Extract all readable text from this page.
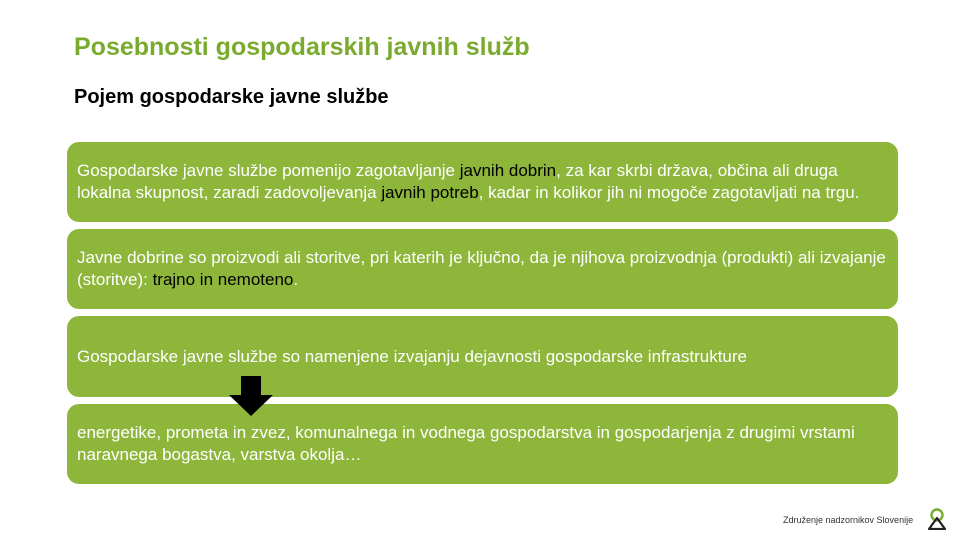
Posebnosti gospodarskih javnih služb
Pojem gospodarske javne službe
Gospodarske javne službe pomenijo zagotavljanje javnih dobrin, za kar skrbi država, občina ali druga lokalna skupnost, zaradi zadovoljevanja javnih potreb, kadar in kolikor jih ni mogoče zagotavljati na trgu.
Javne dobrine so proizvodi ali storitve, pri katerih je ključno, da je njihova proizvodnja (produkti) ali izvajanje (storitve): trajno in nemoteno.
Gospodarske javne službe so namenjene izvajanju dejavnosti gospodarske infrastrukture
energetike, prometa in zvez, komunalnega in vodnega gospodarstva in gospodarjenja z drugimi vrstami naravnega bogastva, varstva okolja…
Združenje nadzornikov Slovenije
